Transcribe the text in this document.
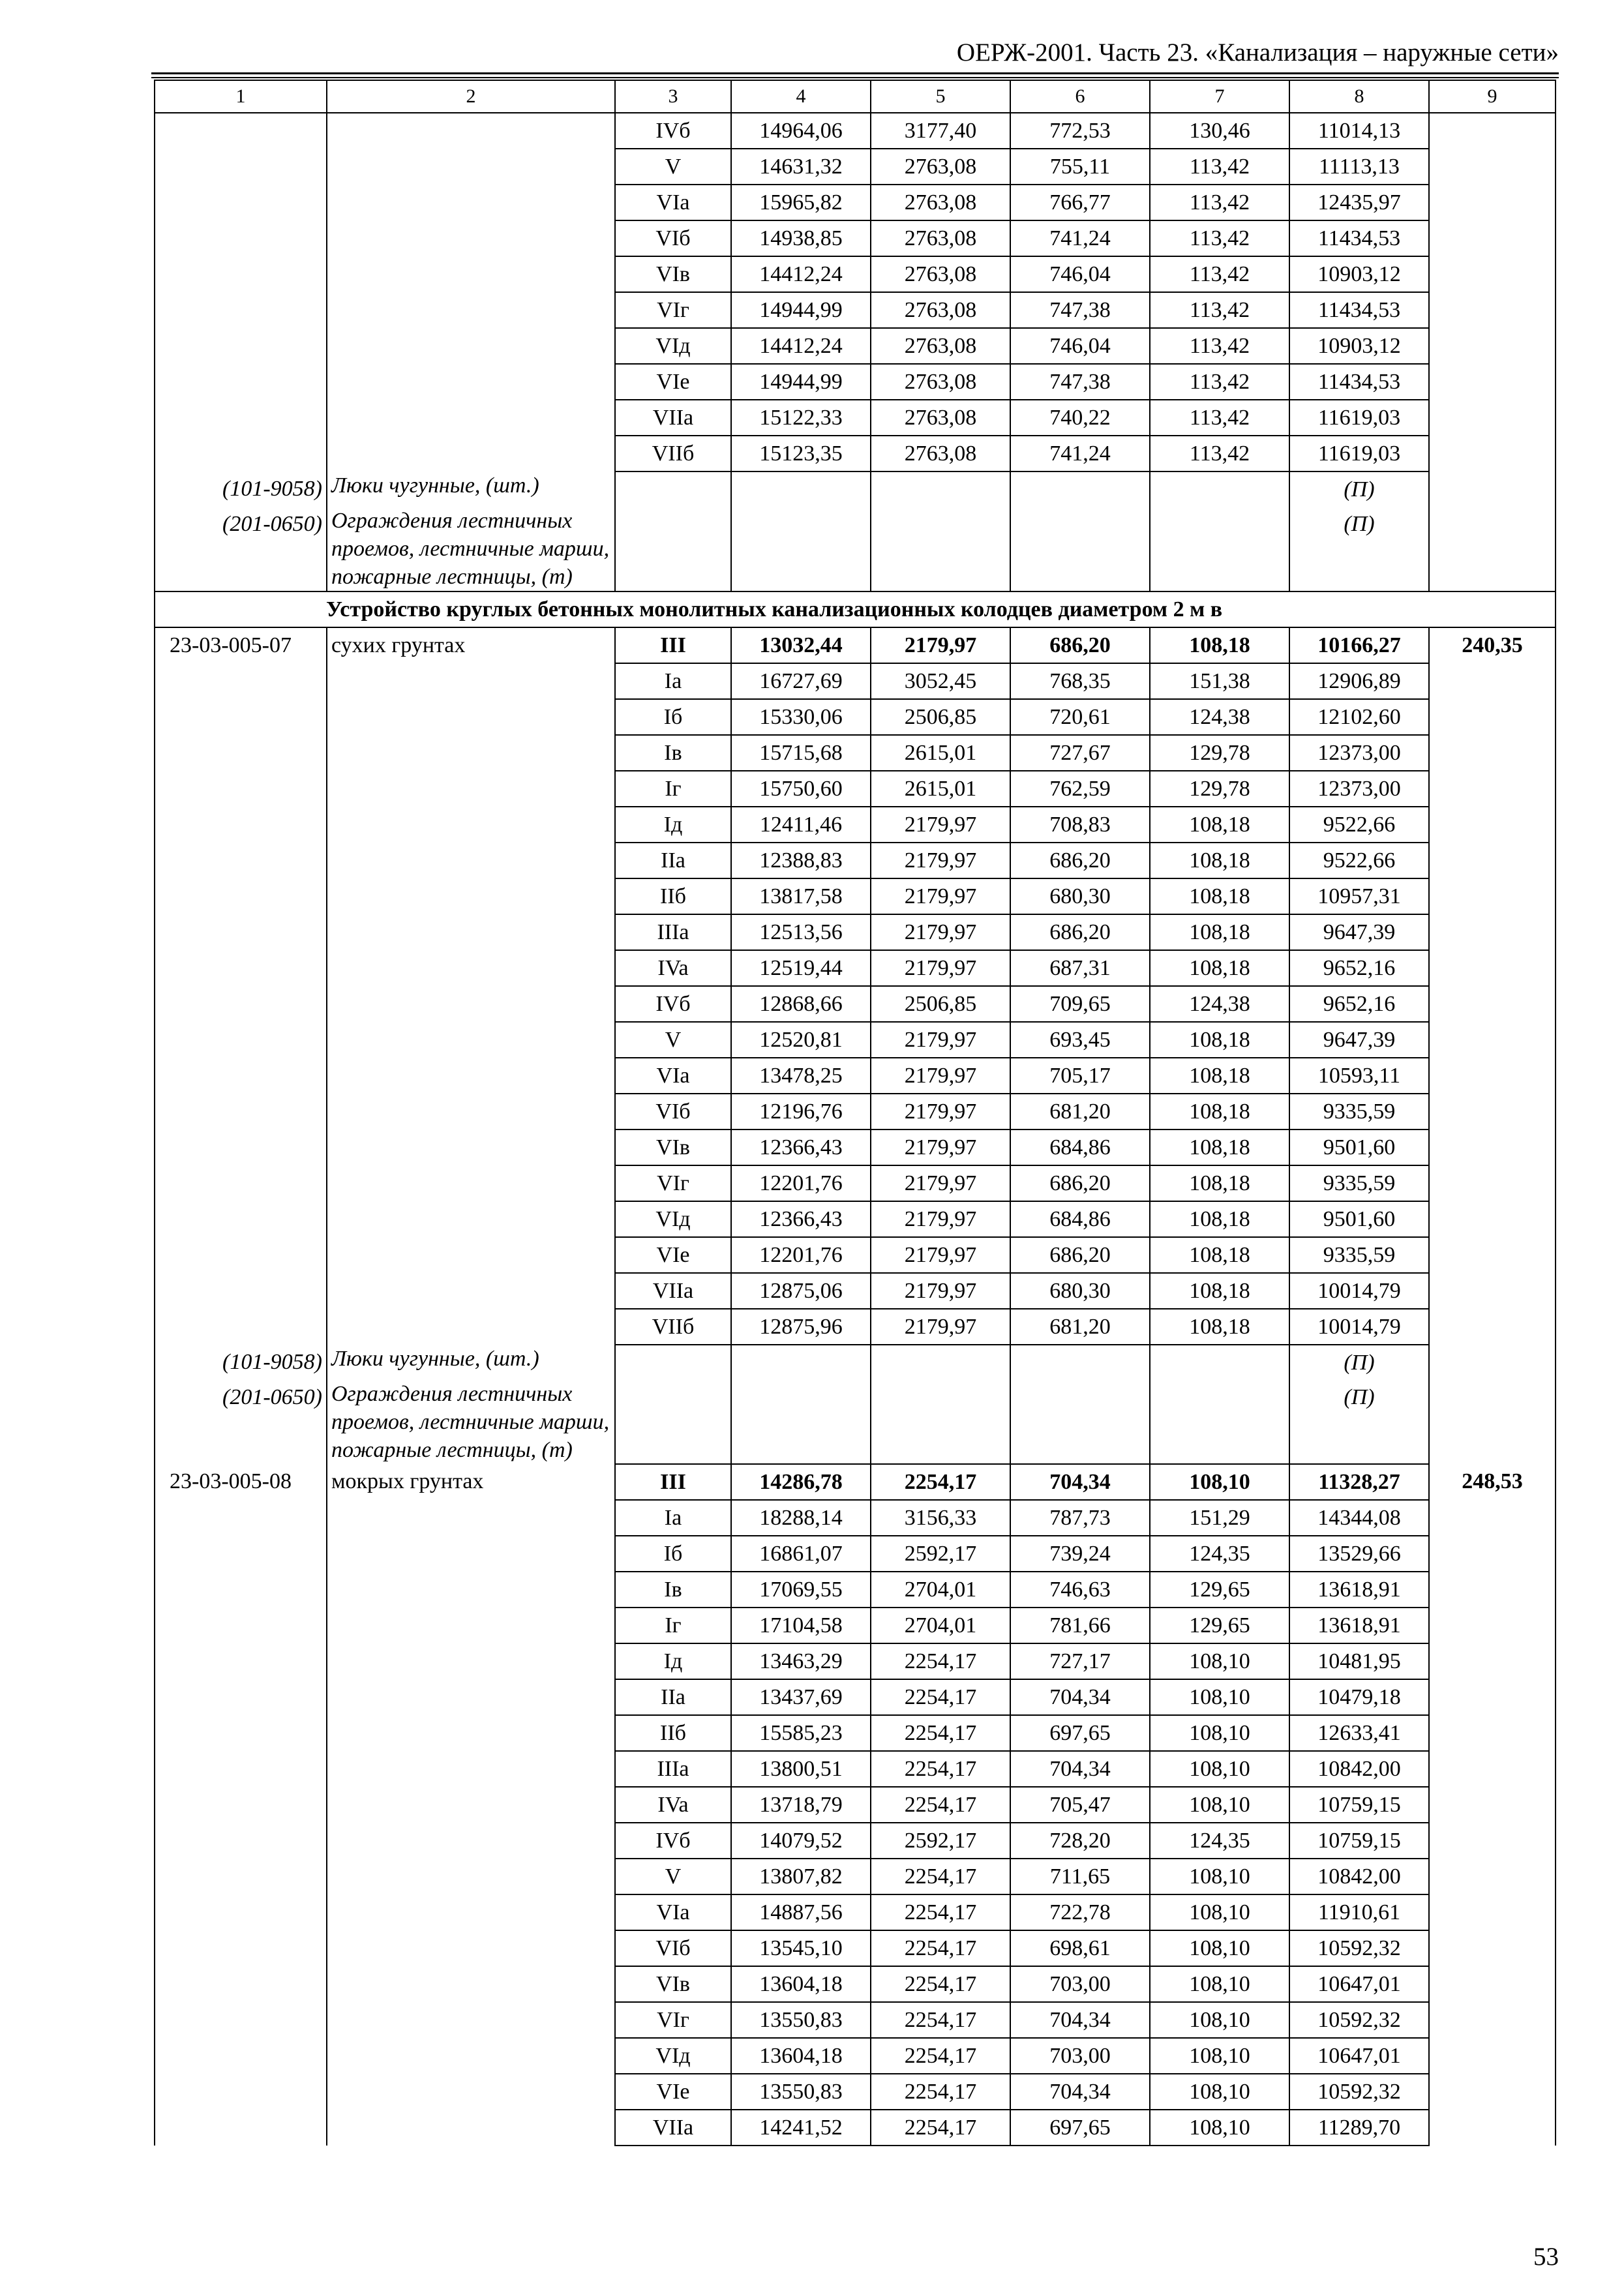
ОЕРЖ-2001. Часть 23. «Канализация – наружные сети»
1	2	3	4	5	6	7	8	9
		IVб	14964,06	3177,40	772,53	130,46	11014,13	
		V	14631,32	2763,08	755,11	113,42	11113,13	
		VIa	15965,82	2763,08	766,77	113,42	12435,97	
		VIб	14938,85	2763,08	741,24	113,42	11434,53	
		VIв	14412,24	2763,08	746,04	113,42	10903,12	
		VIг	14944,99	2763,08	747,38	113,42	11434,53	
		VIд	14412,24	2763,08	746,04	113,42	10903,12	
		VIе	14944,99	2763,08	747,38	113,42	11434,53	
		VIIa	15122,33	2763,08	740,22	113,42	11619,03	
		VIIб	15123,35	2763,08	741,24	113,42	11619,03	
(101-9058)	Люки чугунные, (шт.)						(П)	
(201-0650)	Ограждения лестничных проемов, лестничные марши, пожарные лестницы, (т)						(П)	
Устройство круглых бетонных монолитных канализационных колодцев диаметром 2 м в								
23-03-005-07	сухих грунтах	III	13032,44	2179,97	686,20	108,18	10166,27	240,35
		Ia	16727,69	3052,45	768,35	151,38	12906,89	
		Iб	15330,06	2506,85	720,61	124,38	12102,60	
		Iв	15715,68	2615,01	727,67	129,78	12373,00	
		Iг	15750,60	2615,01	762,59	129,78	12373,00	
		Iд	12411,46	2179,97	708,83	108,18	9522,66	
		IIa	12388,83	2179,97	686,20	108,18	9522,66	
		IIб	13817,58	2179,97	680,30	108,18	10957,31	
		IIIa	12513,56	2179,97	686,20	108,18	9647,39	
		IVa	12519,44	2179,97	687,31	108,18	9652,16	
		IVб	12868,66	2506,85	709,65	124,38	9652,16	
		V	12520,81	2179,97	693,45	108,18	9647,39	
		VIa	13478,25	2179,97	705,17	108,18	10593,11	
		VIб	12196,76	2179,97	681,20	108,18	9335,59	
		VIв	12366,43	2179,97	684,86	108,18	9501,60	
		VIг	12201,76	2179,97	686,20	108,18	9335,59	
		VIд	12366,43	2179,97	684,86	108,18	9501,60	
		VIе	12201,76	2179,97	686,20	108,18	9335,59	
		VIIa	12875,06	2179,97	680,30	108,18	10014,79	
		VIIб	12875,96	2179,97	681,20	108,18	10014,79	
(101-9058)	Люки чугунные, (шт.)						(П)	
(201-0650)	Ограждения лестничных проемов, лестничные марши, пожарные лестницы, (т)						(П)	
23-03-005-08	мокрых грунтах	III	14286,78	2254,17	704,34	108,10	11328,27	248,53
		Ia	18288,14	3156,33	787,73	151,29	14344,08	
		Iб	16861,07	2592,17	739,24	124,35	13529,66	
		Iв	17069,55	2704,01	746,63	129,65	13618,91	
		Iг	17104,58	2704,01	781,66	129,65	13618,91	
		Iд	13463,29	2254,17	727,17	108,10	10481,95	
		IIa	13437,69	2254,17	704,34	108,10	10479,18	
		IIб	15585,23	2254,17	697,65	108,10	12633,41	
		IIIa	13800,51	2254,17	704,34	108,10	10842,00	
		IVa	13718,79	2254,17	705,47	108,10	10759,15	
		IVб	14079,52	2592,17	728,20	124,35	10759,15	
		V	13807,82	2254,17	711,65	108,10	10842,00	
		VIa	14887,56	2254,17	722,78	108,10	11910,61	
		VIб	13545,10	2254,17	698,61	108,10	10592,32	
		VIв	13604,18	2254,17	703,00	108,10	10647,01	
		VIг	13550,83	2254,17	704,34	108,10	10592,32	
		VIд	13604,18	2254,17	703,00	108,10	10647,01	
		VIе	13550,83	2254,17	704,34	108,10	10592,32	
		VIIa	14241,52	2254,17	697,65	108,10	11289,70	
53
